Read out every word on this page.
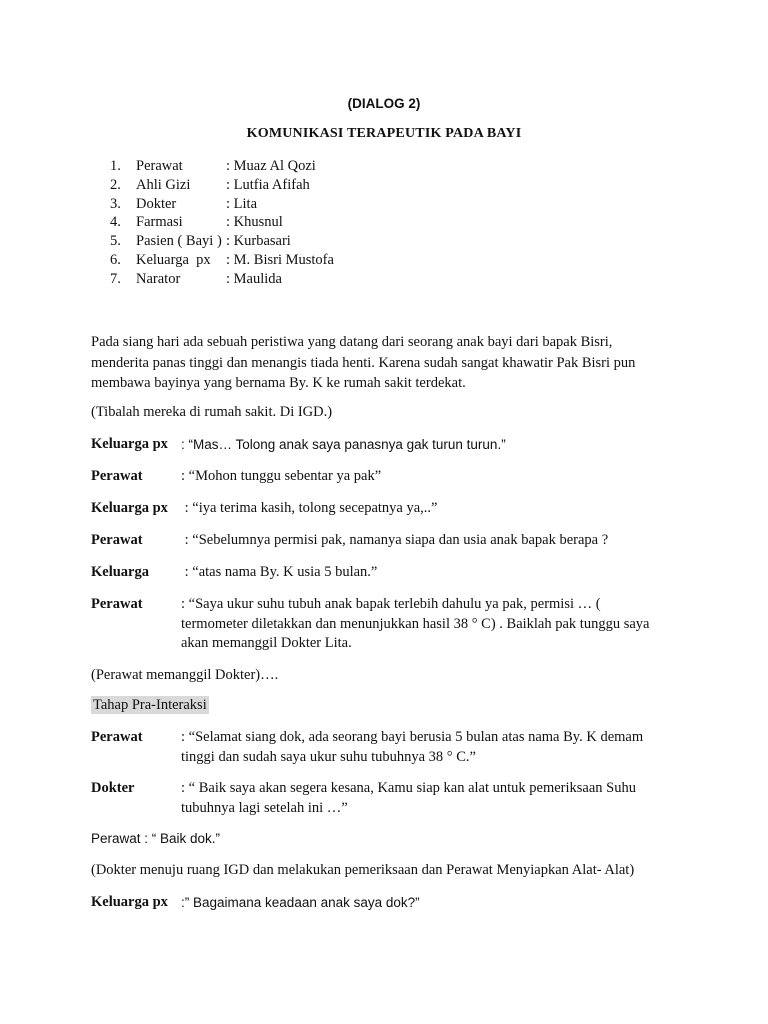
(DIALOG 2)
KOMUNIKASI TERAPEUTIK PADA BAYI
1.	Perawat	: Muaz Al Qozi
2.	Ahli Gizi	: Lutfia Afifah
3.	Dokter	: Lita
4.	Farmasi	: Khusnul
5.	Pasien ( Bayi ) : Kurbasari
6.	Keluarga  px	: M. Bisri Mustofa
7.	Narator	: Maulida
Pada siang hari ada sebuah peristiwa yang datang dari seorang anak bayi dari bapak Bisri, menderita panas tinggi dan menangis tiada henti. Karena sudah sangat khawatir Pak Bisri pun membawa bayinya yang bernama By. K ke rumah sakit terdekat.
(Tibalah mereka di rumah sakit. Di IGD.)
Keluarga px : “Mas… Tolong anak saya panasnya gak turun turun.”
Perawat	: “Mohon tunggu sebentar ya pak”
Keluarga px : “iya terima kasih, tolong secepatnya ya,..”
Perawat	: “Sebelumnya permisi pak, namanya siapa dan usia anak bapak berapa ?
Keluarga	: “atas nama By. K usia 5 bulan.”
Perawat	: “Saya ukur suhu tubuh anak bapak terlebih dahulu ya pak, permisi … ( termometer diletakkan dan menunjukkan hasil 38 ° C) . Baiklah pak tunggu saya akan memanggil Dokter Lita.
(Perawat memanggil Dokter)….
Tahap Pra-Interaksi
Perawat	: “Selamat siang dok, ada seorang bayi berusia 5 bulan atas nama By. K demam tinggi dan sudah saya ukur suhu tubuhnya 38 ° C.”
Dokter	: “ Baik saya akan segera kesana, Kamu siap kan alat untuk pemeriksaan Suhu tubuhnya lagi setelah ini …”
Perawat : “ Baik dok.”
(Dokter menuju ruang IGD dan melakukan pemeriksaan dan Perawat Menyiapkan Alat- Alat)
Keluarga px :” Bagaimana keadaan anak saya dok?”
